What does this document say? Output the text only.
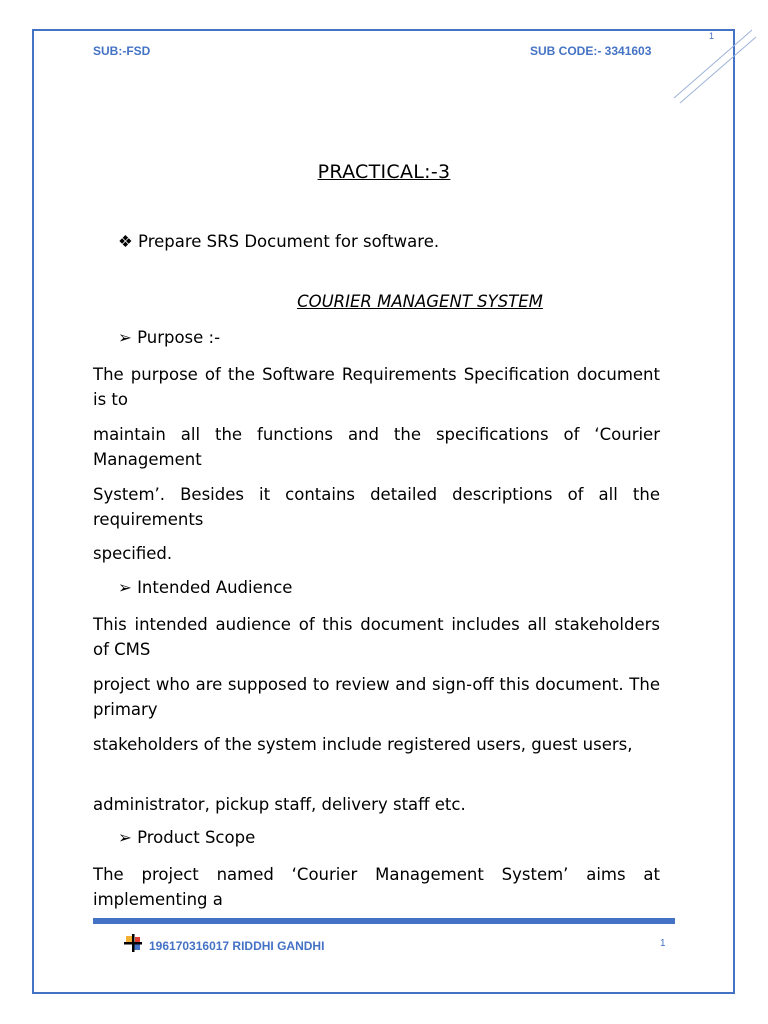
1
SUB:-FSD	SUB CODE:- 3341603
PRACTICAL:-3
❖ Prepare SRS Document for software.
COURIER MANAGENT SYSTEM
➢ Purpose :-
The purpose of the Software Requirements Specification document is to
maintain all the functions and the specifications of ‘Courier Management
System’. Besides it contains detailed descriptions of all the requirements
specified.
➢ Intended Audience
This intended audience of this document includes all stakeholders of CMS
project who are supposed to review and sign-off this document. The primary
stakeholders of the system include registered users, guest users,
administrator, pickup staff, delivery staff etc.
➢ Product Scope
The project named ‘Courier Management System’ aims at implementing a
196170316017 RIDDHI GANDHI	1
